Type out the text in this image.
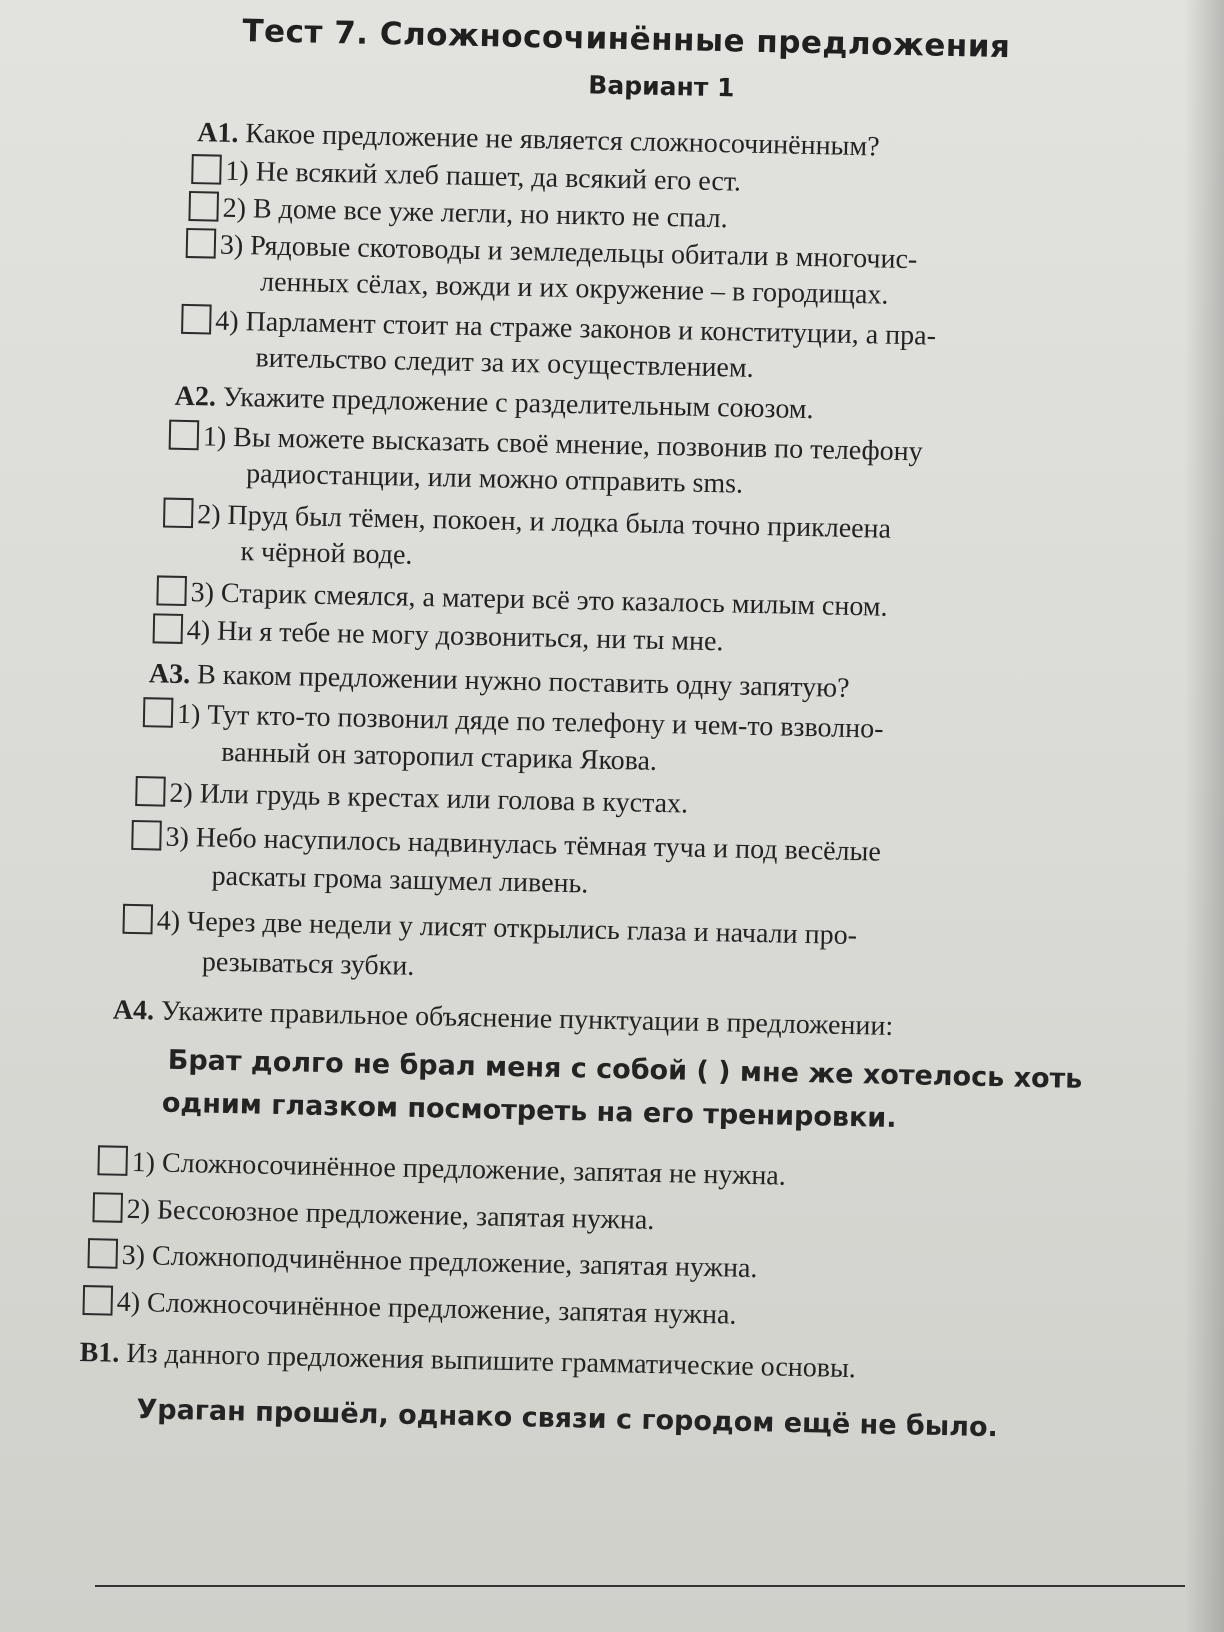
Тест 7. Сложносочинённые предложения
Вариант 1
А1. Какое предложение не является сложносочинённым?
1) Не всякий хлеб пашет, да всякий его ест.
2) В доме все уже легли, но никто не спал.
3) Рядовые скотоводы и земледельцы обитали в многочис-
ленных сёлах, вожди и их окружение – в городищах.
4) Парламент стоит на страже законов и конституции, а пра-
вительство следит за их осуществлением.
А2. Укажите предложение с разделительным союзом.
1) Вы можете высказать своё мнение, позвонив по телефону
радиостанции, или можно отправить sms.
2) Пруд был тёмен, покоен, и лодка была точно приклеена
к чёрной воде.
3) Старик смеялся, а матери всё это казалось милым сном.
4) Ни я тебе не могу дозвониться, ни ты мне.
А3. В каком предложении нужно поставить одну запятую?
1) Тут кто-то позвонил дяде по телефону и чем-то взволно-
ванный он заторопил старика Якова.
2) Или грудь в крестах или голова в кустах.
3) Небо насупилось надвинулась тёмная туча и под весёлые
раскаты грома зашумел ливень.
4) Через две недели у лисят открылись глаза и начали про-
резываться зубки.
А4. Укажите правильное объяснение пунктуации в предложении:
Брат долго не брал меня с собой ( ) мне же хотелось хоть
одним глазком посмотреть на его тренировки.
1) Сложносочинённое предложение, запятая не нужна.
2) Бессоюзное предложение, запятая нужна.
3) Сложноподчинённое предложение, запятая нужна.
4) Сложносочинённое предложение, запятая нужна.
В1. Из данного предложения выпишите грамматические основы.
Ураган прошёл, однако связи с городом ещё не было.
